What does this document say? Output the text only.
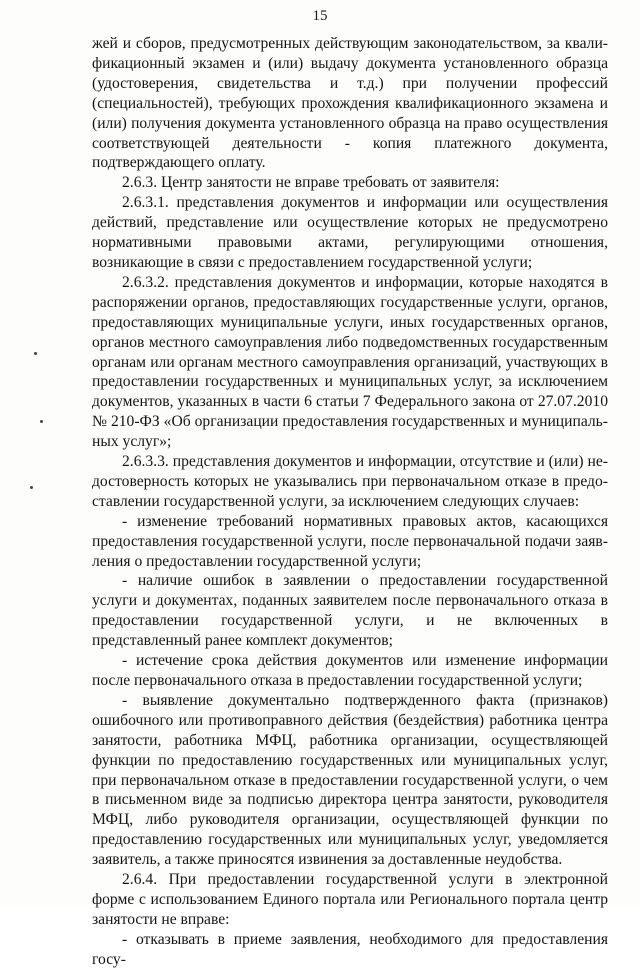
15

жей и сборов, предусмотренных действующим законодательством, за квалификационный экзамен и (или) выдачу документа установленного образца (удостоверения, свидетельства и т.д.) при получении профессий (специальностей), требующих прохождения квалификационного экзамена и (или) получения документа установленного образца на право осуществления соответствующей деятельности - копия платежного документа, подтверждающего оплату.

2.6.3. Центр занятости не вправе требовать от заявителя:

2.6.3.1. представления документов и информации или осуществления действий, представление или осуществление которых не предусмотрено нормативными правовыми актами, регулирующими отношения, возникающие в связи с предоставлением государственной услуги;

2.6.3.2. представления документов и информации, которые находятся в распоряжении органов, предоставляющих государственные услуги, органов, предоставляющих муниципальные услуги, иных государственных органов, органов местного самоуправления либо подведомственных государственным органам или органам местного самоуправления организаций, участвующих в предоставлении государственных и муниципальных услуг, за исключением документов, указанных в части 6 статьи 7 Федерального закона от 27.07.2010 № 210-ФЗ «Об организации предоставления государственных и муниципальных услуг»;

2.6.3.3. представления документов и информации, отсутствие и (или) недостоверность которых не указывались при первоначальном отказе в предоставлении государственной услуги, за исключением следующих случаев:

- изменение требований нормативных правовых актов, касающихся предоставления государственной услуги, после первоначальной подачи заявления о предоставлении государственной услуги;

- наличие ошибок в заявлении о предоставлении государственной услуги и документах, поданных заявителем после первоначального отказа в предоставлении государственной услуги, и не включенных в представленный ранее комплект документов;

- истечение срока действия документов или изменение информации после первоначального отказа в предоставлении государственной услуги;

- выявление документально подтвержденного факта (признаков) ошибочного или противоправного действия (бездействия) работника центра занятости, работника МФЦ, работника организации, осуществляющей функции по предоставлению государственных или муниципальных услуг, при первоначальном отказе в предоставлении государственной услуги, о чем в письменном виде за подписью директора центра занятости, руководителя МФЦ, либо руководителя организации, осуществляющей функции по предоставлению государственных или муниципальных услуг, уведомляется заявитель, а также приносятся извинения за доставленные неудобства.

2.6.4. При предоставлении государственной услуги в электронной форме с использованием Единого портала или Регионального портала центр занятости не вправе:

- отказывать в приеме заявления, необходимого для предоставления госу-
